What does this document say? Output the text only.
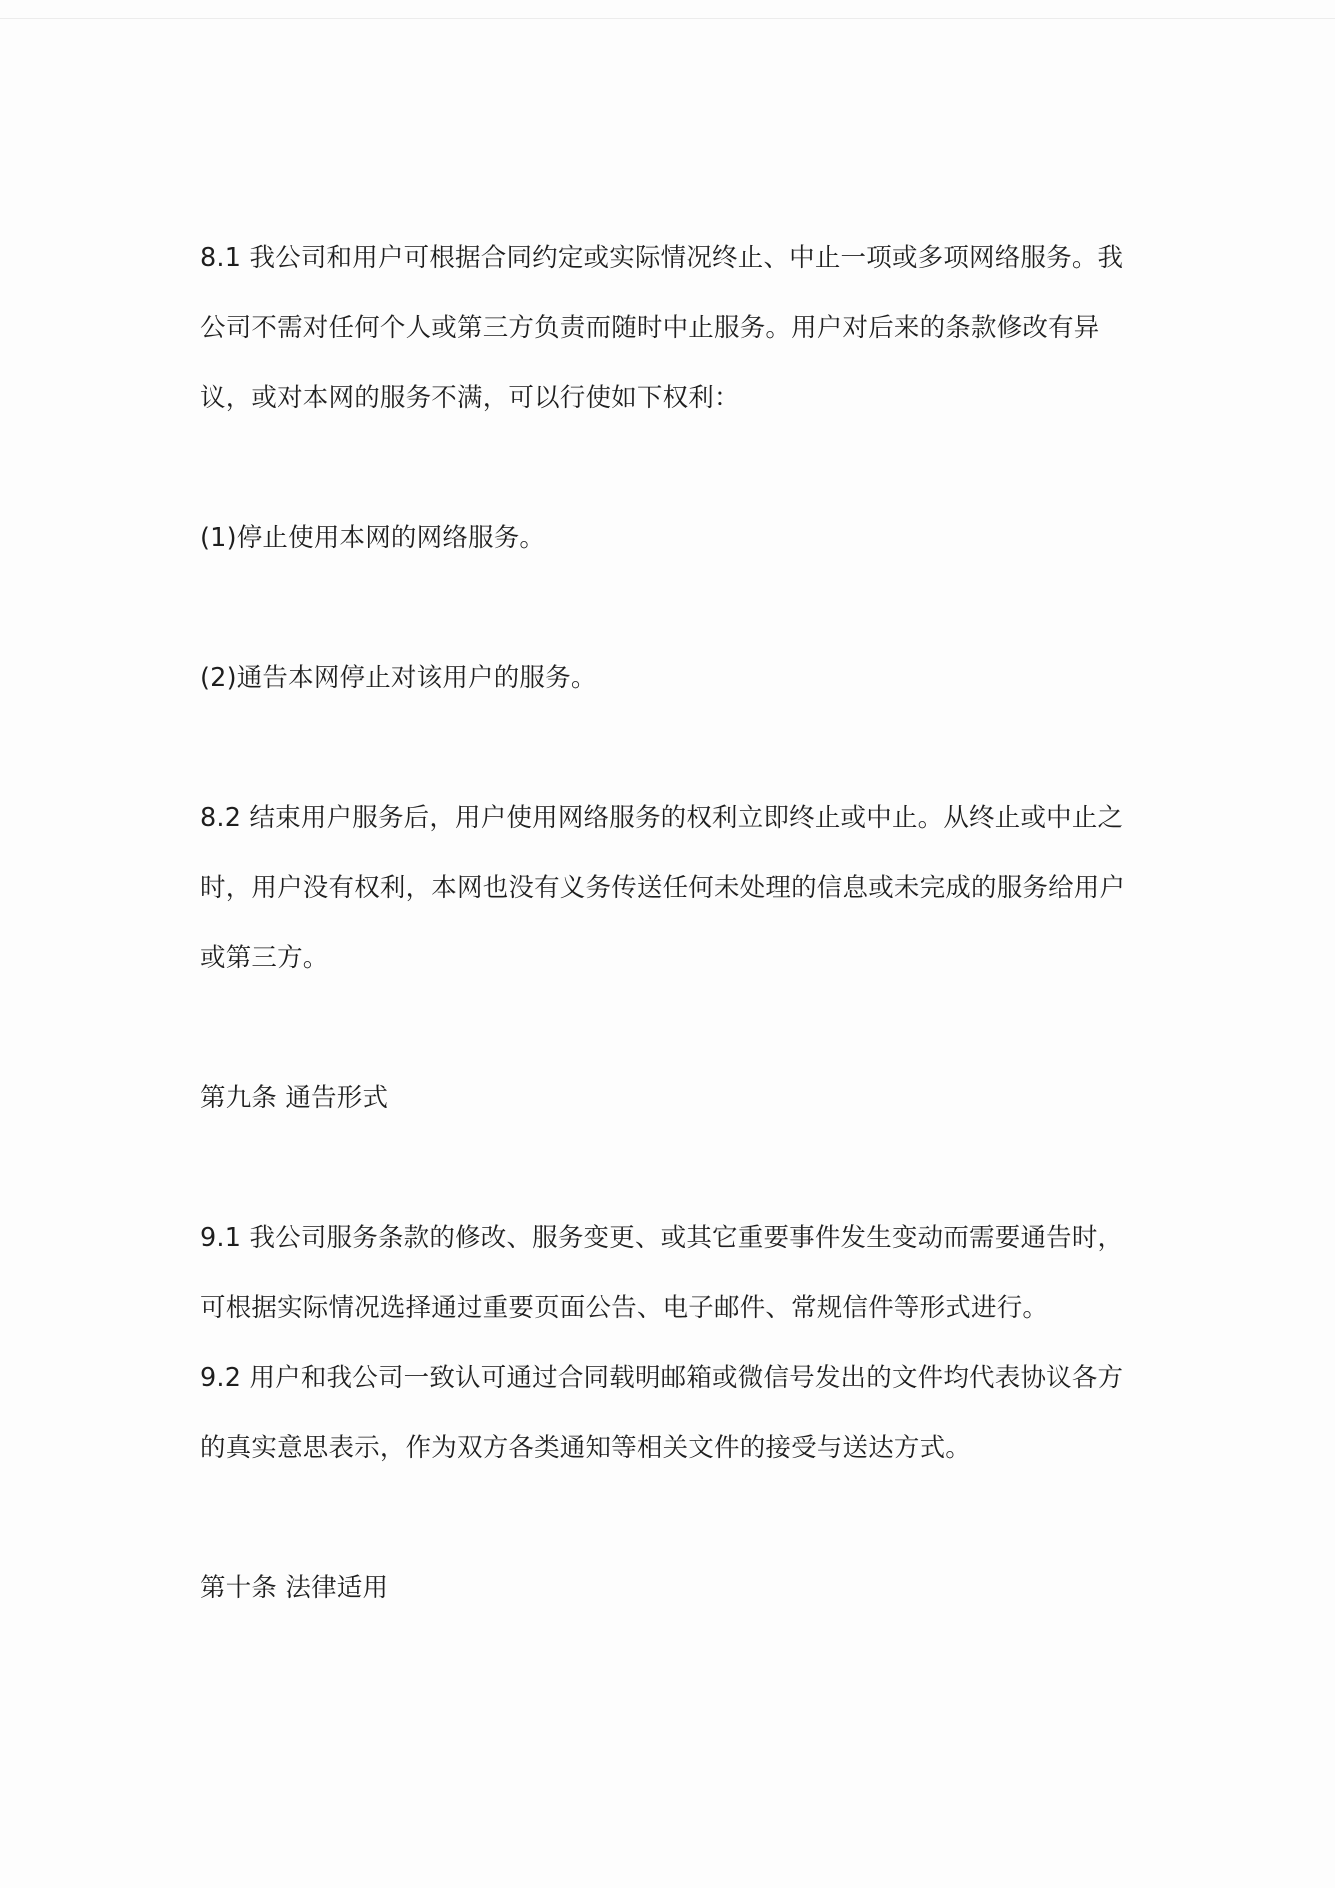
8.1 我公司和用户可根据合同约定或实际情况终止、中止一项或多项网络服务。我
公司不需对任何个人或第三方负责而随时中止服务。用户对后来的条款修改有异
议，或对本网的服务不满，可以行使如下权利：
(1)停止使用本网的网络服务。
(2)通告本网停止对该用户的服务。
8.2 结束用户服务后，用户使用网络服务的权利立即终止或中止。从终止或中止之
时，用户没有权利，本网也没有义务传送任何未处理的信息或未完成的服务给用户
或第三方。
第九条 通告形式
9.1 我公司服务条款的修改、服务变更、或其它重要事件发生变动而需要通告时，
可根据实际情况选择通过重要页面公告、电子邮件、常规信件等形式进行。
9.2 用户和我公司一致认可通过合同载明邮箱或微信号发出的文件均代表协议各方
的真实意思表示，作为双方各类通知等相关文件的接受与送达方式。
第十条 法律适用
